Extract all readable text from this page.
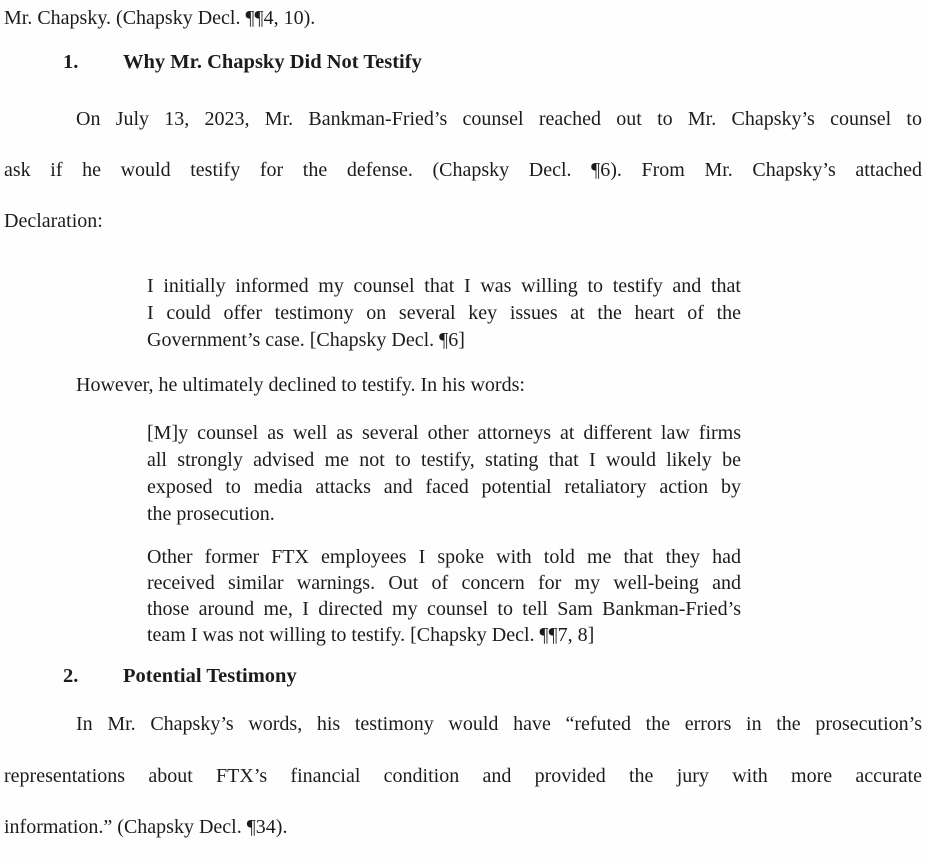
Mr. Chapsky. (Chapsky Decl. ¶¶4, 10).
1. Why Mr. Chapsky Did Not Testify
On July 13, 2023, Mr. Bankman-Fried’s counsel reached out to Mr. Chapsky’s counsel to
ask if he would testify for the defense. (Chapsky Decl. ¶6). From Mr. Chapsky’s attached
Declaration:
I initially informed my counsel that I was willing to testify and that
I could offer testimony on several key issues at the heart of the
Government’s case. [Chapsky Decl. ¶6]
However, he ultimately declined to testify. In his words:
[M]y counsel as well as several other attorneys at different law firms
all strongly advised me not to testify, stating that I would likely be
exposed to media attacks and faced potential retaliatory action by
the prosecution.
Other former FTX employees I spoke with told me that they had
received similar warnings. Out of concern for my well-being and
those around me, I directed my counsel to tell Sam Bankman-Fried’s
team I was not willing to testify. [Chapsky Decl. ¶¶7, 8]
2. Potential Testimony
In Mr. Chapsky’s words, his testimony would have “refuted the errors in the prosecution’s
representations about FTX’s financial condition and provided the jury with more accurate
information.” (Chapsky Decl. ¶34).
